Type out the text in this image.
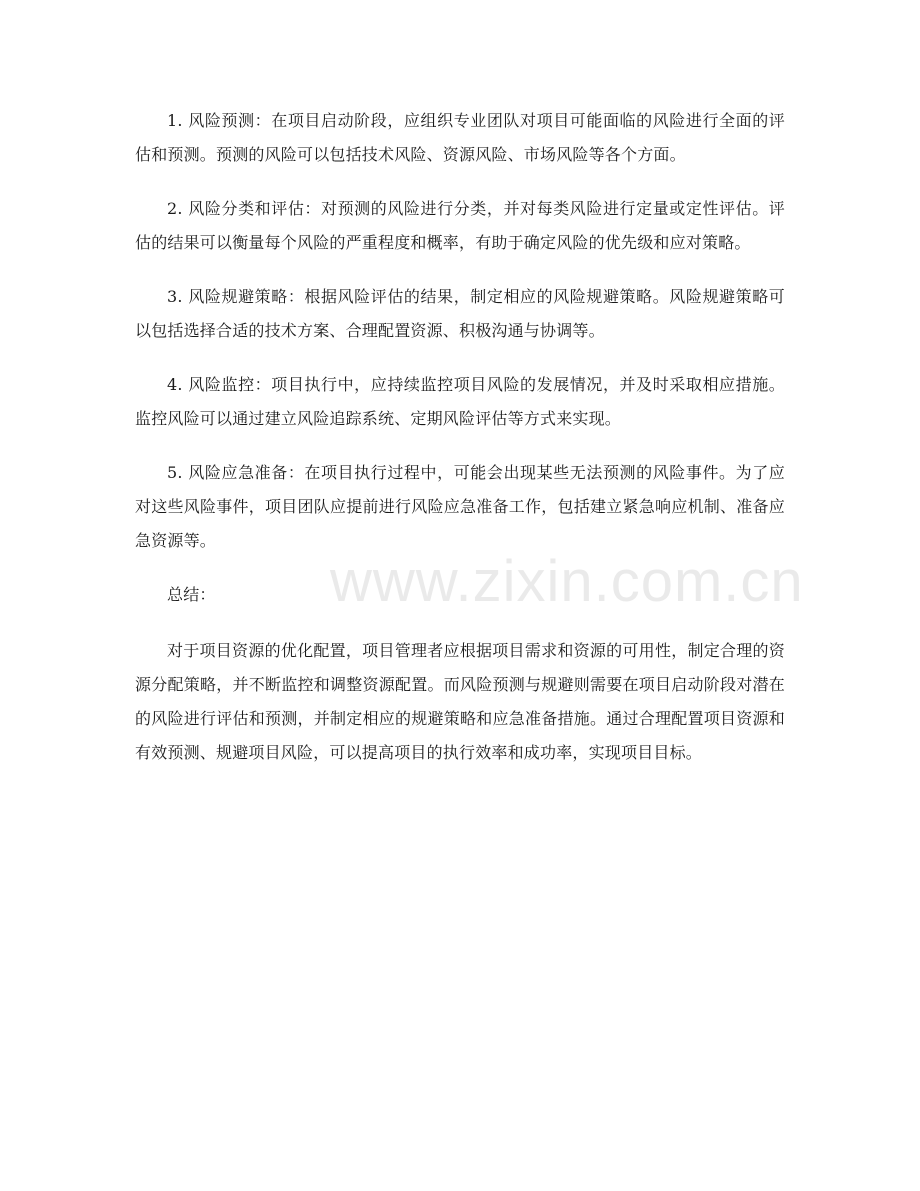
1. 风险预测：在项目启动阶段，应组织专业团队对项目可能面临的风险进行全面的评估和预测。预测的风险可以包括技术风险、资源风险、市场风险等各个方面。

2. 风险分类和评估：对预测的风险进行分类，并对每类风险进行定量或定性评估。评估的结果可以衡量每个风险的严重程度和概率，有助于确定风险的优先级和应对策略。

3. 风险规避策略：根据风险评估的结果，制定相应的风险规避策略。风险规避策略可以包括选择合适的技术方案、合理配置资源、积极沟通与协调等。

4. 风险监控：项目执行中，应持续监控项目风险的发展情况，并及时采取相应措施。监控风险可以通过建立风险追踪系统、定期风险评估等方式来实现。

5. 风险应急准备：在项目执行过程中，可能会出现某些无法预测的风险事件。为了应对这些风险事件，项目团队应提前进行风险应急准备工作，包括建立紧急响应机制、准备应急资源等。

总结：

对于项目资源的优化配置，项目管理者应根据项目需求和资源的可用性，制定合理的资源分配策略，并不断监控和调整资源配置。而风险预测与规避则需要在项目启动阶段对潜在的风险进行评估和预测，并制定相应的规避策略和应急准备措施。通过合理配置项目资源和有效预测、规避项目风险，可以提高项目的执行效率和成功率，实现项目目标。

www.zixin.com.cn
